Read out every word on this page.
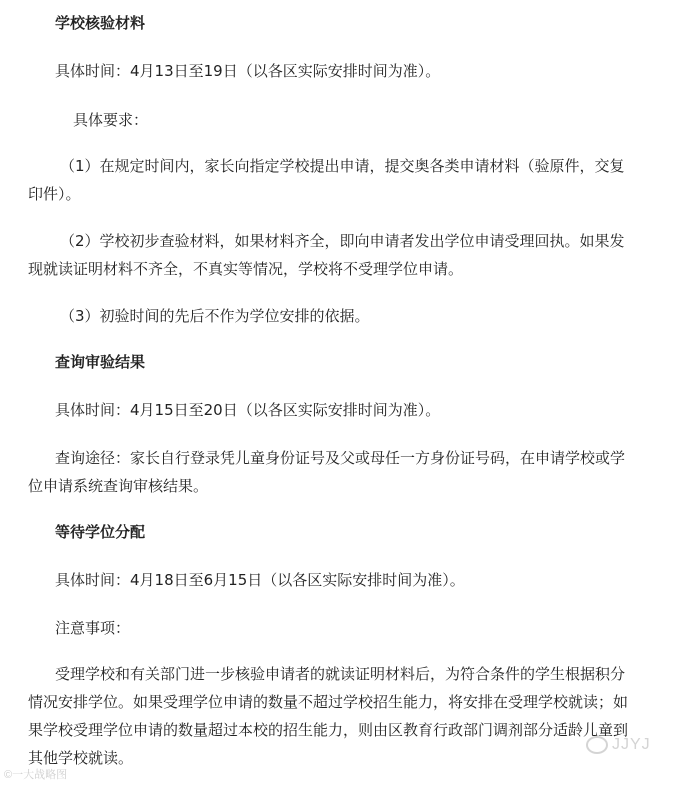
学校核验材料
具体时间：4月13日至19日（以各区实际安排时间为准）。
具体要求：
（1）在规定时间内，家长向指定学校提出申请，提交奥各类申请材料（验原件，交复
印件）。
（2）学校初步查验材料，如果材料齐全，即向申请者发出学位申请受理回执。如果发
现就读证明材料不齐全，不真实等情况，学校将不受理学位申请。
（3）初验时间的先后不作为学位安排的依据。
查询审验结果
具体时间：4月15日至20日（以各区实际安排时间为准）。
查询途径：家长自行登录凭儿童身份证号及父或母任一方身份证号码，在申请学校或学
位申请系统查询审核结果。
等待学位分配
具体时间：4月18日至6月15日（以各区实际安排时间为准）。
注意事项：
受理学校和有关部门进一步核验申请者的就读证明材料后，为符合条件的学生根据积分
情况安排学位。如果受理学位申请的数量不超过学校招生能力，将安排在受理学校就读；如
果学校受理学位申请的数量超过本校的招生能力，则由区教育行政部门调剂部分适龄儿童到
其他学校就读。
©一大战略图
JJYJ
